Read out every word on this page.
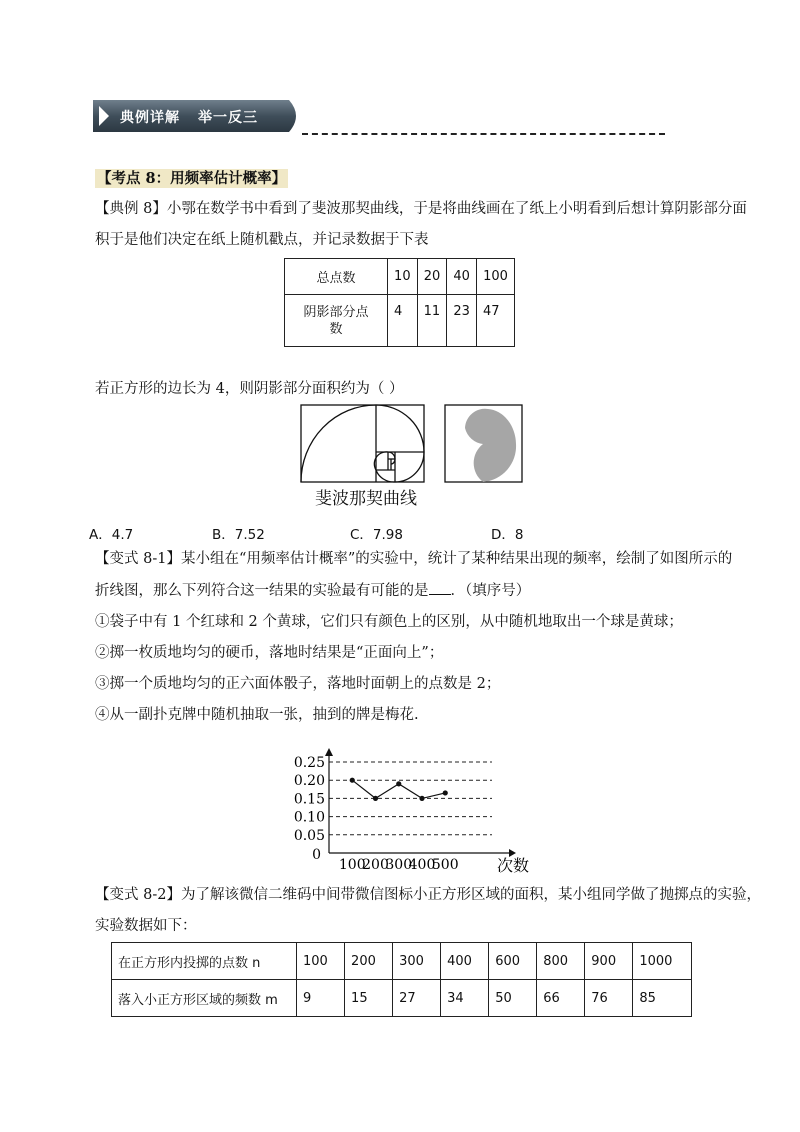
典例详解 举一反三
【考点 8：用频率估计概率】
【典例 8】小鄂在数学书中看到了斐波那契曲线，于是将曲线画在了纸上小明看到后想计算阴影部分面
积于是他们决定在纸上随机戳点，并记录数据于下表
总点数	10	20	40	100
阴影部分点
数	4	11	23	47
若正方形的边长为 4，则阴影部分面积约为（ ）
斐波那契曲线
A．4.7	B．7.52	C．7.98	D．8
【变式 8-1】某小组在“用频率估计概率”的实验中，统计了某种结果出现的频率，绘制了如图所示的
折线图，那么下列符合这一结果的实验最有可能的是 ．（填序号）
①袋子中有 1 个红球和 2 个黄球，它们只有颜色上的区别，从中随机地取出一个球是黄球；
②掷一枚质地均匀的硬币，落地时结果是“正面向上”；
③掷一个质地均匀的正六面体骰子，落地时面朝上的点数是 2；
④从一副扑克牌中随机抽取一张，抽到的牌是梅花.
0.05
0.10
0.15
0.20
0.25
0
100
200
300
400
500 次数
【变式 8-2】为了解该微信二维码中间带微信图标小正方形区域的面积，某小组同学做了抛掷点的实验，
实验数据如下：
在正方形内投掷的点数 n	100	200	300	400	600	800	900	1000
落入小正方形区域的频数 m	9	15	27	34	50	66	76	85
